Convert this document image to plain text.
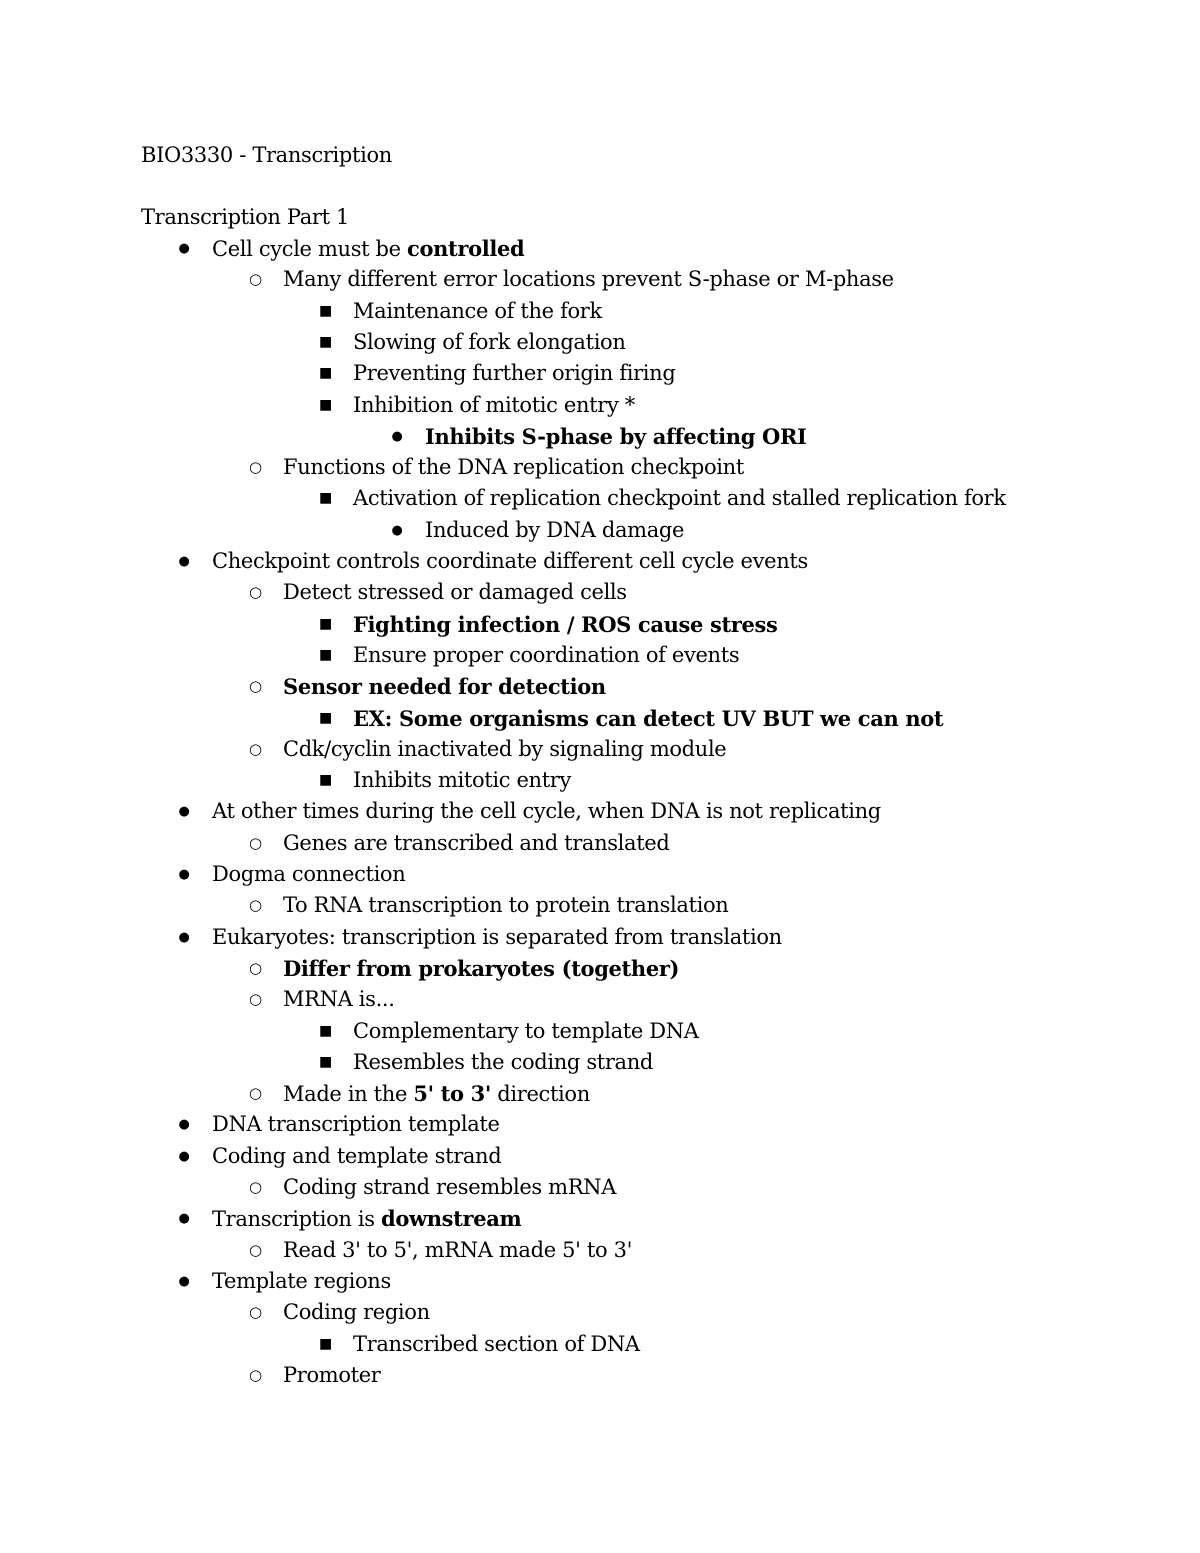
BIO3330 - Transcription
Transcription Part 1
●
Cell cycle must be controlled
○
Many different error locations prevent S-phase or M-phase
■
Maintenance of the fork
■
Slowing of fork elongation
■
Preventing further origin firing
■
Inhibition of mitotic entry *
●
Inhibits S-phase by affecting ORI
○
Functions of the DNA replication checkpoint
■
Activation of replication checkpoint and stalled replication fork
●
Induced by DNA damage
●
Checkpoint controls coordinate different cell cycle events
○
Detect stressed or damaged cells
■
Fighting infection / ROS cause stress
■
Ensure proper coordination of events
○
Sensor needed for detection
■
EX: Some organisms can detect UV BUT we can not
○
Cdk/cyclin inactivated by signaling module
■
Inhibits mitotic entry
●
At other times during the cell cycle, when DNA is not replicating
○
Genes are transcribed and translated
●
Dogma connection
○
To RNA transcription to protein translation
●
Eukaryotes: transcription is separated from translation
○
Differ from prokaryotes (together)
○
MRNA is...
■
Complementary to template DNA
■
Resembles the coding strand
○
Made in the 5' to 3' direction
●
DNA transcription template
●
Coding and template strand
○
Coding strand resembles mRNA
●
Transcription is downstream
○
Read 3' to 5', mRNA made 5' to 3'
●
Template regions
○
Coding region
■
Transcribed section of DNA
○
Promoter
